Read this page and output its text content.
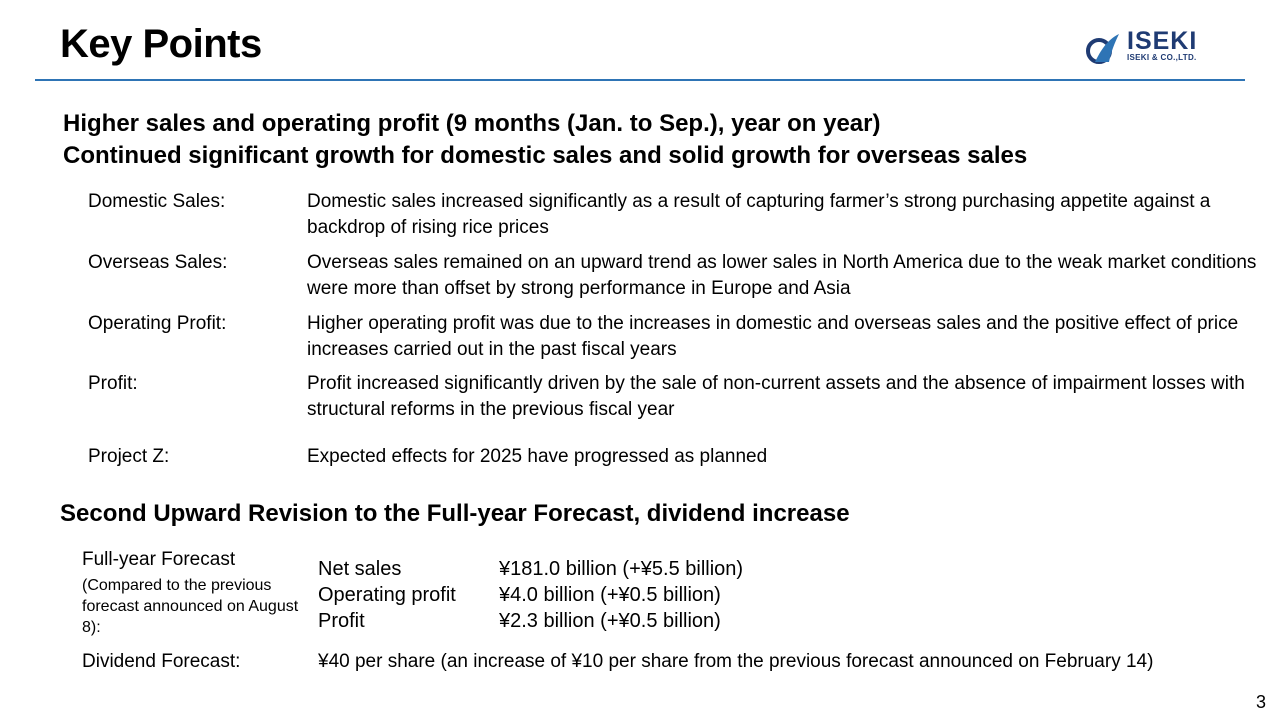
Key Points	ISEKI
ISEKI & CO.,LTD.
Higher sales and operating profit (9 months (Jan. to Sep.), year on year)
Continued significant growth for domestic sales and solid growth for overseas sales
Domestic Sales:	Domestic sales increased significantly as a result of capturing farmer’s strong purchasing appetite against a backdrop of rising rice prices
Overseas Sales:	Overseas sales remained on an upward trend as lower sales in North America due to the weak market conditions were more than offset by strong performance in Europe and Asia
Operating Profit:	Higher operating profit was due to the increases in domestic and overseas sales and the positive effect of price increases carried out in the past fiscal years
Profit:	Profit increased significantly driven by the sale of non-current assets and the absence of impairment losses with structural reforms in the previous fiscal year
Project Z:	Expected effects for 2025 have progressed as planned
Second Upward Revision to the Full-year Forecast, dividend increase
Full-year Forecast
(Compared to the previous forecast announced on August 8):
Net sales	¥181.0 billion (+¥5.5 billion)
Operating profit ¥4.0 billion (+¥0.5 billion)
Profit	¥2.3 billion (+¥0.5 billion)
Dividend Forecast:	¥40 per share (an increase of ¥10 per share from the previous forecast announced on February 14)
3
